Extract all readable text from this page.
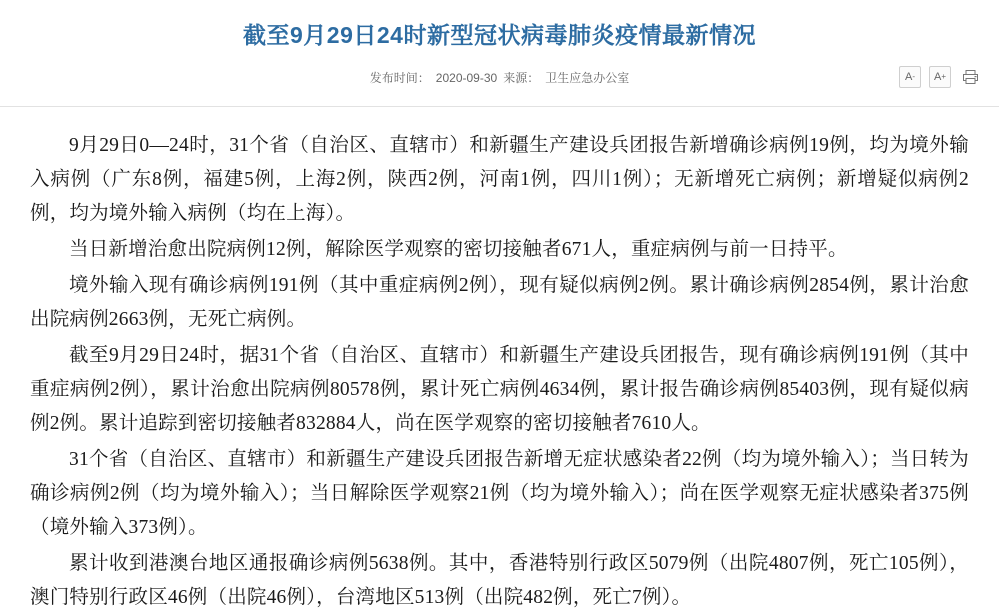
截至9月29日24时新型冠状病毒肺炎疫情最新情况
发布时间： 2020-09-30 来源： 卫生应急办公室	A - A +

9月29日0—24时，31个省（自治区、直辖市）和新疆生产建设兵团报告新增确诊病例19例，均为境外输入病例（广东8例，福建5例，上海2例，陕西2例，河南1例，四川1例）；无新增死亡病例；新增疑似病例2例，均为境外输入病例（均在上海）。

当日新增治愈出院病例12例，解除医学观察的密切接触者671人，重症病例与前一日持平。

境外输入现有确诊病例191例（其中重症病例2例），现有疑似病例2例。累计确诊病例2854例，累计治愈出院病例2663例，无死亡病例。

截至9月29日24时，据31个省（自治区、直辖市）和新疆生产建设兵团报告，现有确诊病例191例（其中重症病例2例），累计治愈出院病例80578例，累计死亡病例4634例，累计报告确诊病例85403例，现有疑似病例2例。累计追踪到密切接触者832884人，尚在医学观察的密切接触者7610人。

31个省（自治区、直辖市）和新疆生产建设兵团报告新增无症状感染者22例（均为境外输入）；当日转为确诊病例2例（均为境外输入）；当日解除医学观察21例（均为境外输入）；尚在医学观察无症状感染者375例（境外输入373例）。

累计收到港澳台地区通报确诊病例5638例。其中，香港特别行政区5079例（出院4807例，死亡105例），澳门特别行政区46例（出院46例），台湾地区513例（出院482例，死亡7例）。
